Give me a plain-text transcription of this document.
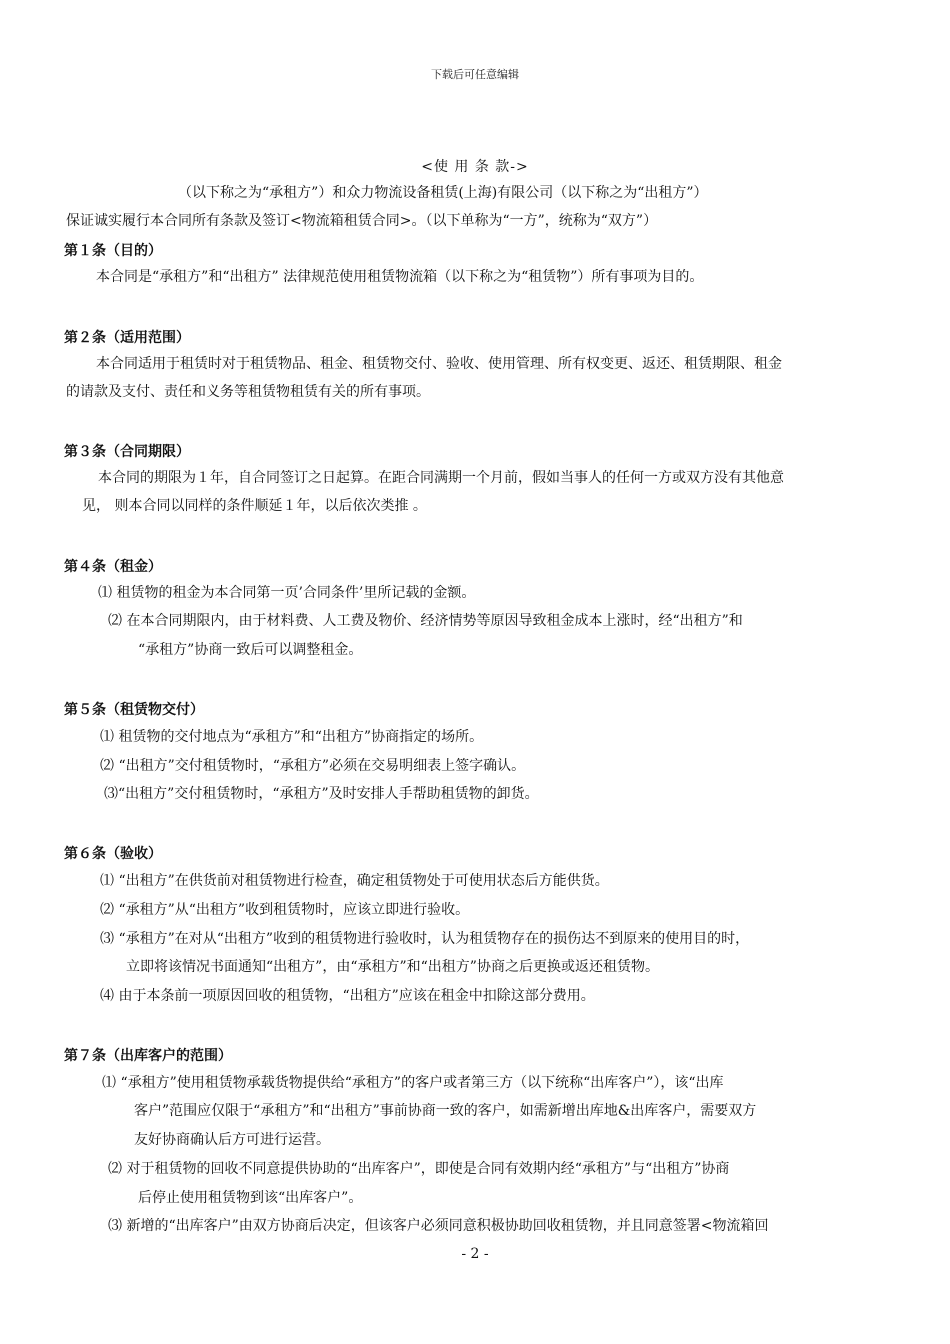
下载后可任意编辑
<使 用 条 款->
（以下称之为“承租方”）和众力物流设备租赁(上海)有限公司（以下称之为“出租方”）
保证诚实履行本合同所有条款及签订<物流箱租赁合同>。（以下单称为“一方”，统称为“双方”）
第１条（目的）
本合同是“承租方”和“出租方” 法律规范使用租赁物流箱（以下称之为“租赁物”）所有事项为目的。
第２条（适用范围）
本合同适用于租赁时对于租赁物品、租金、租赁物交付、验收、使用管理、所有权变更、返还、租赁期限、租金
的请款及支付、责任和义务等租赁物租赁有关的所有事项。
第３条（合同期限）
本合同的期限为１年，自合同签订之日起算。在距合同满期一个月前，假如当事人的任何一方或双方没有其他意
见， 则本合同以同样的条件顺延１年，以后依次类推 。
第４条（租金）
⑴ 租赁物的租金为本合同第一页’合同条件’里所记载的金额。
⑵ 在本合同期限内，由于材料费、人工费及物价、经济情势等原因导致租金成本上涨时，经“出租方”和
“承租方”协商一致后可以调整租金。
第５条（租赁物交付）
⑴ 租赁物的交付地点为“承租方”和“出租方”协商指定的场所。
⑵ “出租方”交付租赁物时，“承租方”必须在交易明细表上签字确认。
⑶“出租方”交付租赁物时，“承租方”及时安排人手帮助租赁物的卸货。
第６条（验收）
⑴ “出租方”在供货前对租赁物进行检查，确定租赁物处于可使用状态后方能供货。
⑵ “承租方”从“出租方”收到租赁物时，应该立即进行验收。
⑶ “承租方”在对从“出租方”收到的租赁物进行验收时，认为租赁物存在的损伤达不到原来的使用目的时，
立即将该情况书面通知“出租方”，由“承租方”和“出租方”协商之后更换或返还租赁物。
⑷ 由于本条前一项原因回收的租赁物，“出租方”应该在租金中扣除这部分费用。
第７条（出库客户的范围）
⑴ “承租方”使用租赁物承载货物提供给“承租方”的客户或者第三方（以下统称“出库客户”），该“出库
客户”范围应仅限于“承租方”和“出租方”事前协商一致的客户，如需新增出库地&出库客户，需要双方
友好协商确认后方可进行运营。
⑵ 对于租赁物的回收不同意提供协助的“出库客户”，即使是合同有效期内经“承租方”与“出租方”协商
后停止使用租赁物到该“出库客户”。
⑶ 新增的“出库客户”由双方协商后决定，但该客户必须同意积极协助回收租赁物，并且同意签署<物流箱回
- 2 -
